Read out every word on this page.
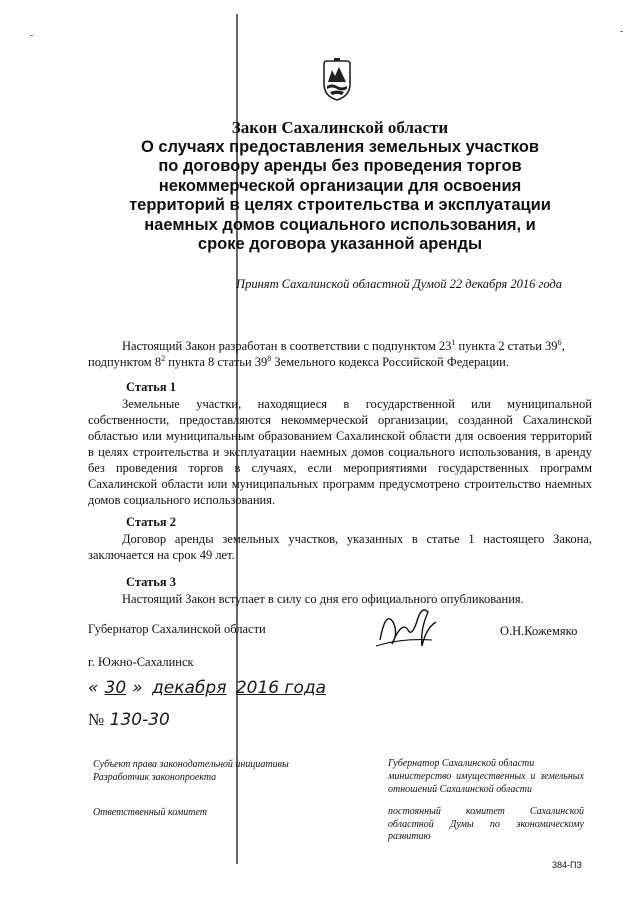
-	-
Закон Сахалинской области
О случаях предоставления земельных участков
по договору аренды без проведения торгов
некоммерческой организации для освоения
территорий в целях строительства и эксплуатации
наемных домов социального использования, и
сроке договора указанной аренды
Принят Сахалинской областной Думой 22 декабря 2016 года
Настоящий Закон разработан в соответствии с подпунктом $23^1$ пункта 2 статьи $39^6$,
подпунктом $8^2$ пункта 8 статьи $39^8$ Земельного кодекса Российской Федерации.
Статья 1
Земельные участки, находящиеся в государственной или муниципальной собственности, предоставляются некоммерческой организации, созданной Сахалинской областью или муниципальным образованием Сахалинской области для освоения территорий в целях строительства и эксплуатации наемных домов социального использования, в аренду без проведения торгов в случаях, если мероприятиями государственных программ Сахалинской области или муниципальных программ предусмотрено строительство наемных домов социального использования.
Статья 2
Договор аренды земельных участков, указанных в статье 1 настоящего Закона, заключается на срок 49 лет.
Статья 3
Настоящий Закон вступает в силу со дня его официального опубликования.
Губернатор Сахалинской области	О.Н.Кожемяко
г. Южно-Сахалинск
« 30 » декабря 2016 года
№ 130-30
Субъект права законодательной инициативы
Разработчик законопроекта
Ответственный комитет
Губернатор Сахалинской области
министерство имущественных и земельных отношений Сахалинской области
постоянный комитет Сахалинской областной Думы по экономическому развитию
384-ПЗ
